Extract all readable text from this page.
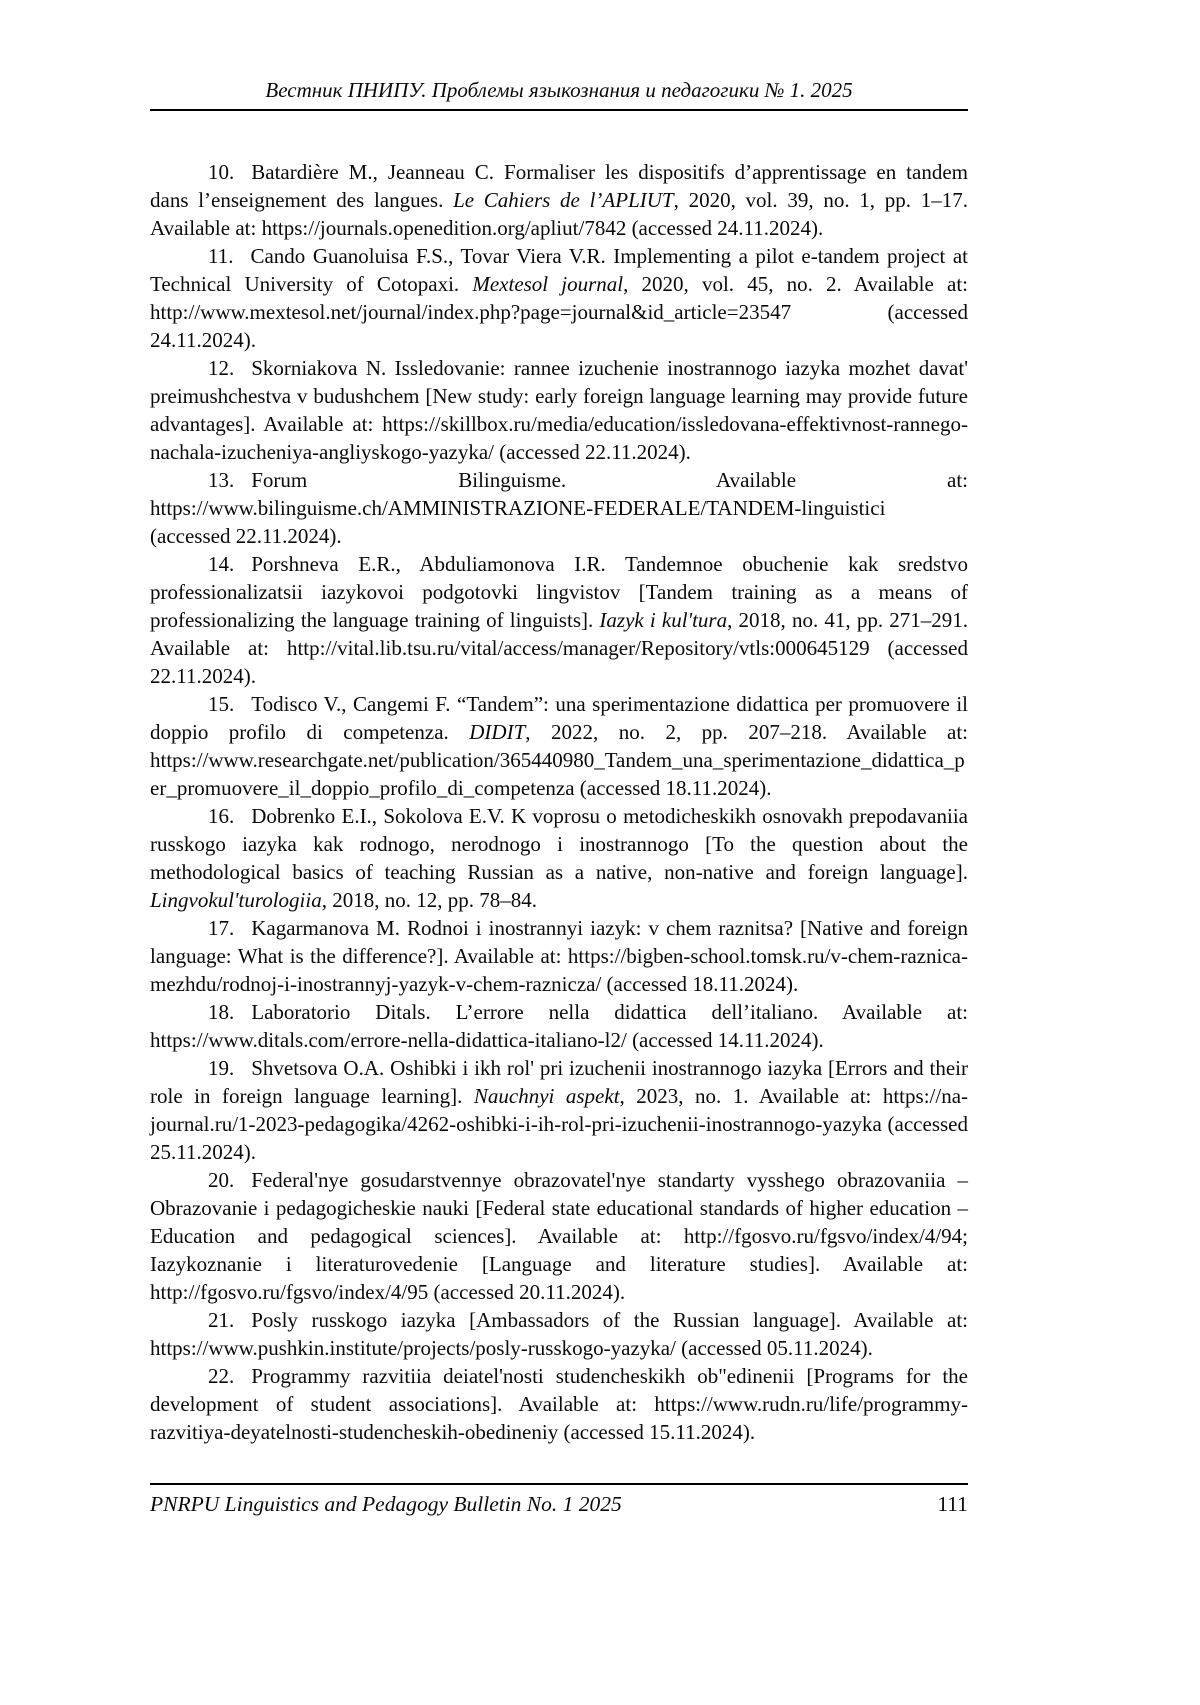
Вестник ПНИПУ. Проблемы языкознания и педагогики № 1. 2025

10. Batardière M., Jeanneau C. Formaliser les dispositifs d’apprentissage en tandem dans l’enseignement des langues. Le Cahiers de l’APLIUT, 2020, vol. 39, no. 1, pp. 1–17. Available at: https://journals.openedition.org/apliut/7842 (accessed 24.11.2024).

11. Cando Guanoluisa F.S., Tovar Viera V.R. Implementing a pilot e-tandem project at Technical University of Cotopaxi. Mextesol journal, 2020, vol. 45, no. 2. Available at: http://www.mextesol.net/journal/index.php?page=journal&id_article=23547 (accessed 24.11.2024).

12. Skorniakova N. Issledovanie: rannee izuchenie inostrannogo iazyka mozhet davat' preimushchestva v budushchem [New study: early foreign language learning may provide future advantages]. Available at: https://skillbox.ru/media/education/issledovana-effektivnost-rannego-nachala-izucheniya-angliyskogo-yazyka/ (accessed 22.11.2024).

13. Forum Bilinguisme. Available at: https://www.bilinguisme.ch/AMMINISTRAZIONE-FEDERALE/TANDEM-linguistici (accessed 22.11.2024).

14. Porshneva E.R., Abduliamonova I.R. Tandemnoe obuchenie kak sredstvo professionalizatsii iazykovoi podgotovki lingvistov [Tandem training as a means of professionalizing the language training of linguists]. Iazyk i kul'tura, 2018, no. 41, pp. 271–291. Available at: http://vital.lib.tsu.ru/vital/access/manager/Repository/vtls:000645129 (accessed 22.11.2024).

15. Todisco V., Cangemi F. “Tandem”: una sperimentazione didattica per promuovere il doppio profilo di competenza. DIDIT, 2022, no. 2, pp. 207–218. Available at: https://www.researchgate.net/publication/365440980_Tandem_una_sperimentazione_didattica_per_promuovere_il_doppio_profilo_di_competenza (accessed 18.11.2024).

16. Dobrenko E.I., Sokolova E.V. K voprosu o metodicheskikh osnovakh prepodavaniia russkogo iazyka kak rodnogo, nerodnogo i inostrannogo [To the question about the methodological basics of teaching Russian as a native, non-native and foreign language]. Lingvokul'turologiia, 2018, no. 12, pp. 78–84.

17. Kagarmanova M. Rodnoi i inostrannyi iazyk: v chem raznitsa? [Native and foreign language: What is the difference?]. Available at: https://bigben-school.tomsk.ru/v-chem-raznica-mezhdu/rodnoj-i-inostrannyj-yazyk-v-chem-raznicza/ (accessed 18.11.2024).

18. Laboratorio Ditals. L’errore nella didattica dell’italiano. Available at: https://www.ditals.com/errore-nella-didattica-italiano-l2/ (accessed 14.11.2024).

19. Shvetsova O.A. Oshibki i ikh rol' pri izuchenii inostrannogo iazyka [Errors and their role in foreign language learning]. Nauchnyi aspekt, 2023, no. 1. Available at: https://na-journal.ru/1-2023-pedagogika/4262-oshibki-i-ih-rol-pri-izuchenii-inostrannogo-yazyka (accessed 25.11.2024).

20. Federal'nye gosudarstvennye obrazovatel'nye standarty vysshego obrazovaniia – Obrazovanie i pedagogicheskie nauki [Federal state educational standards of higher education – Education and pedagogical sciences]. Available at: http://fgosvo.ru/fgsvo/index/4/94; Iazykoznanie i literaturovedenie [Language and literature studies]. Available at: http://fgosvo.ru/fgsvo/index/4/95 (accessed 20.11.2024).

21. Posly russkogo iazyka [Ambassadors of the Russian language]. Available at: https://www.pushkin.institute/projects/posly-russkogo-yazyka/ (accessed 05.11.2024).

22. Programmy razvitiia deiatel'nosti studencheskikh ob"edinenii [Programs for the development of student associations]. Available at: https://www.rudn.ru/life/programmy-razvitiya-deyatelnosti-studencheskih-obedineniy (accessed 15.11.2024).

PNRPU Linguistics and Pedagogy Bulletin No. 1 2025	111
